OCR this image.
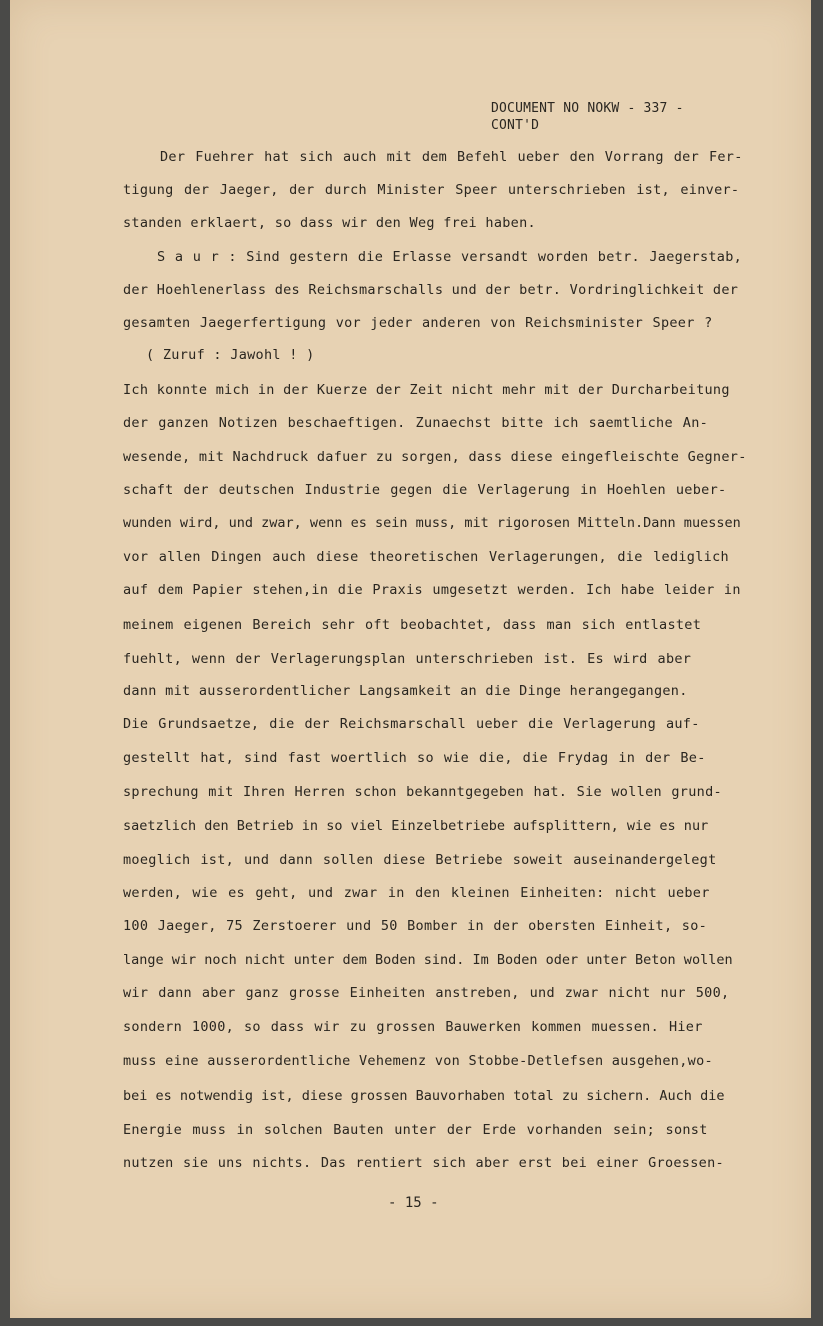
DOCUMENT NO NOKW - 337 -
CONT'D
Der Fuehrer hat sich auch mit dem Befehl ueber den Vorrang der Fer-
tigung der Jaeger, der durch Minister Speer unterschrieben ist, einver-
standen erklaert, so dass wir den Weg frei haben.
S a u r : Sind gestern die Erlasse versandt worden betr. Jaegerstab,
der Hoehlenerlass des Reichsmarschalls und der betr. Vordringlichkeit der
gesamten Jaegerfertigung vor jeder anderen von Reichsminister Speer ?
( Zuruf : Jawohl ! )
Ich konnte mich in der Kuerze der Zeit nicht mehr mit der Durcharbeitung
der ganzen Notizen beschaeftigen. Zunaechst bitte ich saemtliche An-
wesende, mit Nachdruck dafuer zu sorgen, dass diese eingefleischte Gegner-
schaft der deutschen Industrie gegen die Verlagerung in Hoehlen ueber-
wunden wird, und zwar, wenn es sein muss, mit rigorosen Mitteln.Dann muessen
vor allen Dingen auch diese theoretischen Verlagerungen, die lediglich
auf dem Papier stehen,in die Praxis umgesetzt werden. Ich habe leider in
meinem eigenen Bereich sehr oft beobachtet, dass man sich entlastet
fuehlt, wenn der Verlagerungsplan unterschrieben ist. Es wird aber
dann mit ausserordentlicher Langsamkeit an die Dinge herangegangen.
Die Grundsaetze, die der Reichsmarschall ueber die Verlagerung auf-
gestellt hat, sind fast woertlich so wie die, die Frydag in der Be-
sprechung mit Ihren Herren schon bekanntgegeben hat. Sie wollen grund-
saetzlich den Betrieb in so viel Einzelbetriebe aufsplittern, wie es nur
moeglich ist, und dann sollen diese Betriebe soweit auseinandergelegt
werden, wie es geht, und zwar in den kleinen Einheiten: nicht ueber
100 Jaeger, 75 Zerstoerer und 50 Bomber in der obersten Einheit, so-
lange wir noch nicht unter dem Boden sind. Im Boden oder unter Beton wollen
wir dann aber ganz grosse Einheiten anstreben, und zwar nicht nur 500,
sondern 1000, so dass wir zu grossen Bauwerken kommen muessen. Hier
muss eine ausserordentliche Vehemenz von Stobbe-Detlefsen ausgehen,wo-
bei es notwendig ist, diese grossen Bauvorhaben total zu sichern. Auch die
Energie muss in solchen Bauten unter der Erde vorhanden sein; sonst
nutzen sie uns nichts. Das rentiert sich aber erst bei einer Groessen-
- 15 -
